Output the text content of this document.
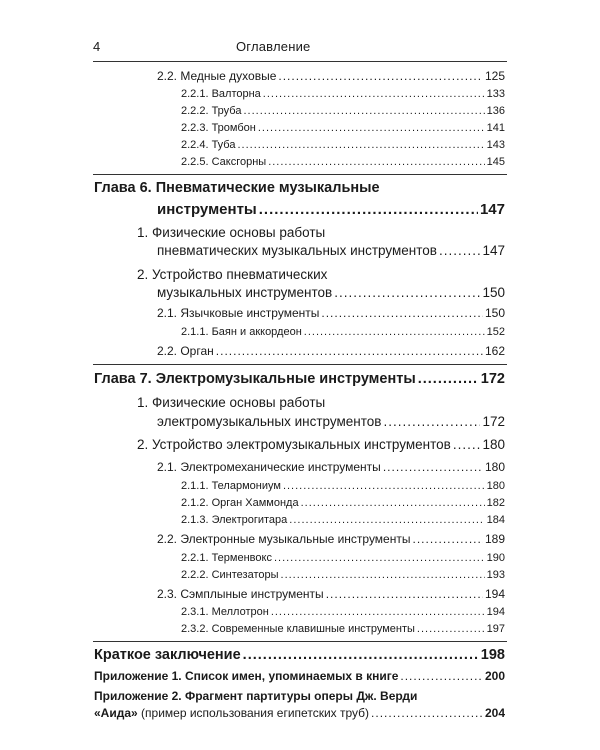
4	Оглавление
2.2. Медные духовые .....	125
2.2.1. Валторна .....	133
2.2.2. Труба .....	136
2.2.3. Тромбон .....	141
2.2.4. Туба .....	143
2.2.5. Саксгорны .....	145
Глава 6. Пневматические музыкальные
инструменты .....	147
1. Физические основы работы
пневматических музыкальных инструментов .....	147
2. Устройство пневматических
музыкальных инструментов .....	150
2.1. Язычковые инструменты .....	150
2.1.1. Баян и аккордеон .....	152
2.2. Орган .....	162
Глава 7. Электромузыкальные инструменты .....	172
1. Физические основы работы
электромузыкальных инструментов .....	172
2. Устройство электромузыкальных инструментов ..... 180
2.1. Электромеханические инструменты .....	180
2.1.1. Телармониум .....	180
2.1.2. Орган Хаммонда .....	182
2.1.3. Электрогитара .....	184
2.2. Электронные музыкальные инструменты .....	189
2.2.1. Терменвокс .....	190
2.2.2. Синтезаторы .....	193
2.3. Сэмплыные инструменты .....	194
2.3.1. Меллотрон .....	194
2.3.2. Современные клавишные инструменты .....	197
Краткое заключение .....	198
Приложение 1. Список имен, упоминаемых в книге .....	200
Приложение 2. Фрагмент партитуры оперы Дж. Верди
«Аида» (пример использования египетских труб) .....	204
